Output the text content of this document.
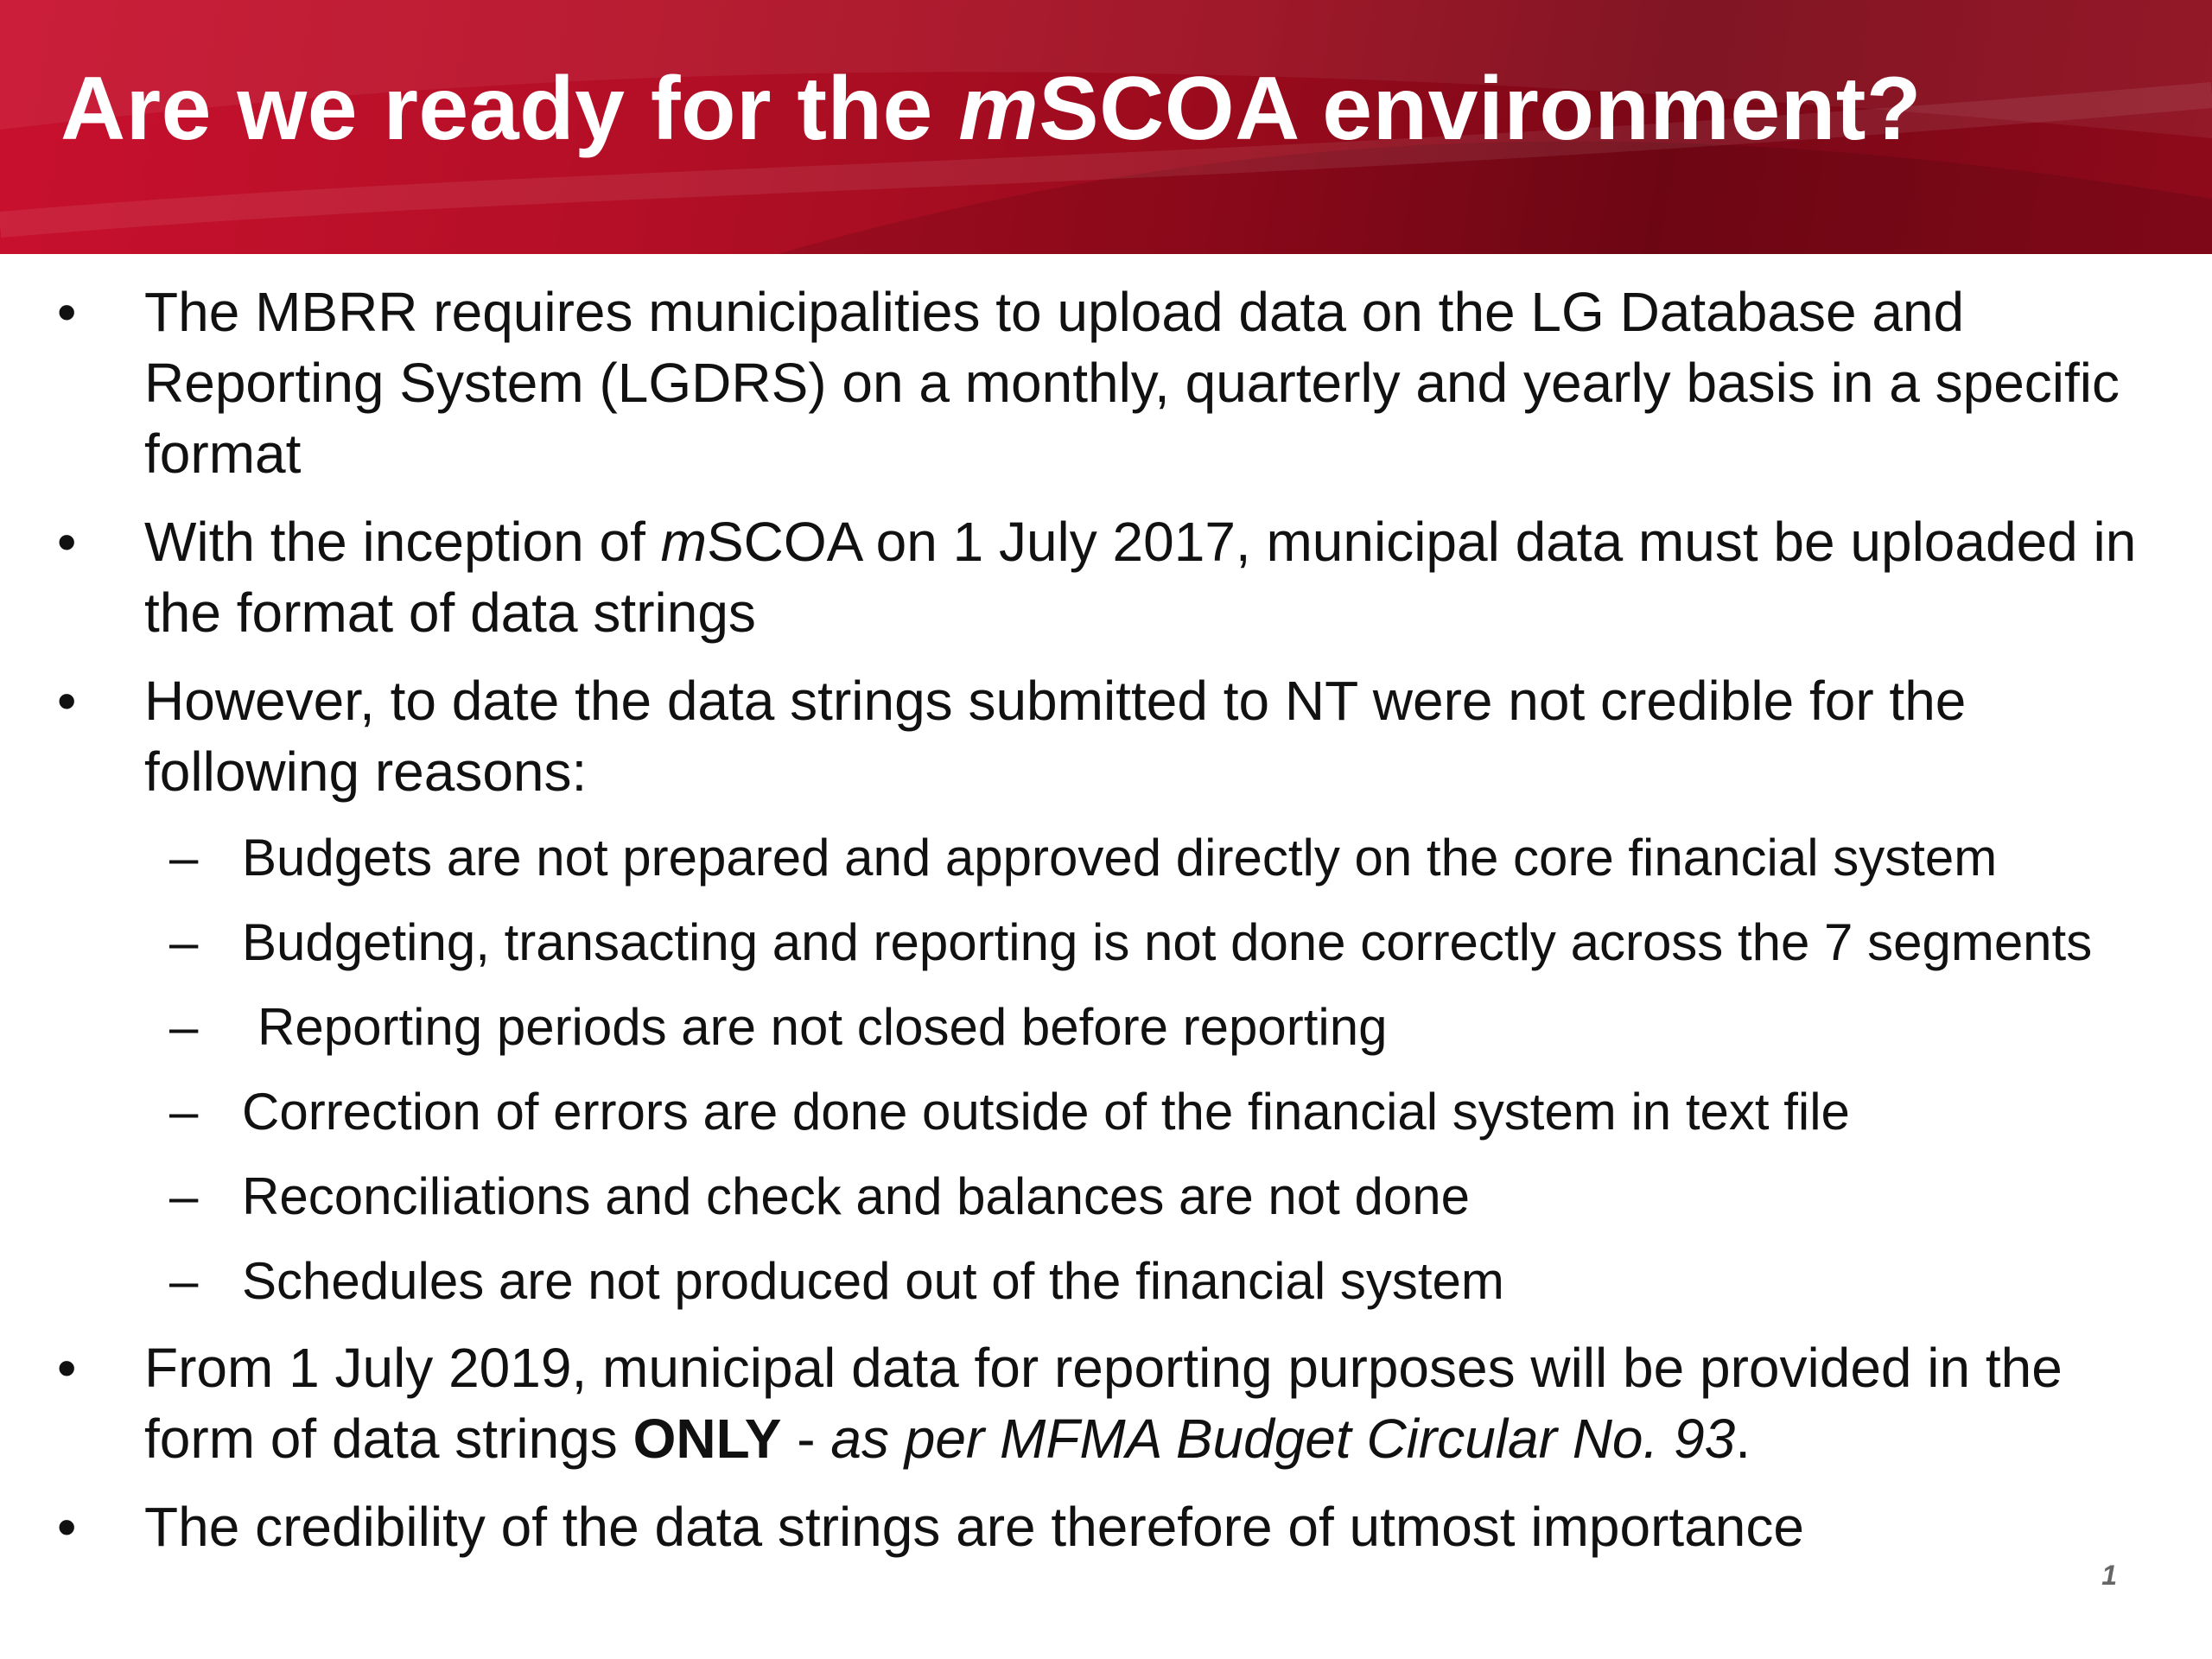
Are we ready for the mSCOA environment?
• The MBRR requires municipalities to upload data on the LG Database and Reporting System (LGDRS) on a monthly, quarterly and yearly basis in a specific format
• With the inception of mSCOA on 1 July 2017, municipal data must be uploaded in the format of data strings
• However, to date the data strings submitted to NT were not credible for the following reasons:
– Budgets are not prepared and approved directly on the core financial system
– Budgeting, transacting and reporting is not done correctly across the 7 segments
– Reporting periods are not closed before reporting
– Correction of errors are done outside of the financial system in text file
– Reconciliations and check and balances are not done
– Schedules are not produced out of the financial system
• From 1 July 2019, municipal data for reporting purposes will be provided in the form of data strings ONLY - as per MFMA Budget Circular No. 93.
• The credibility of the data strings are therefore of utmost importance
1
